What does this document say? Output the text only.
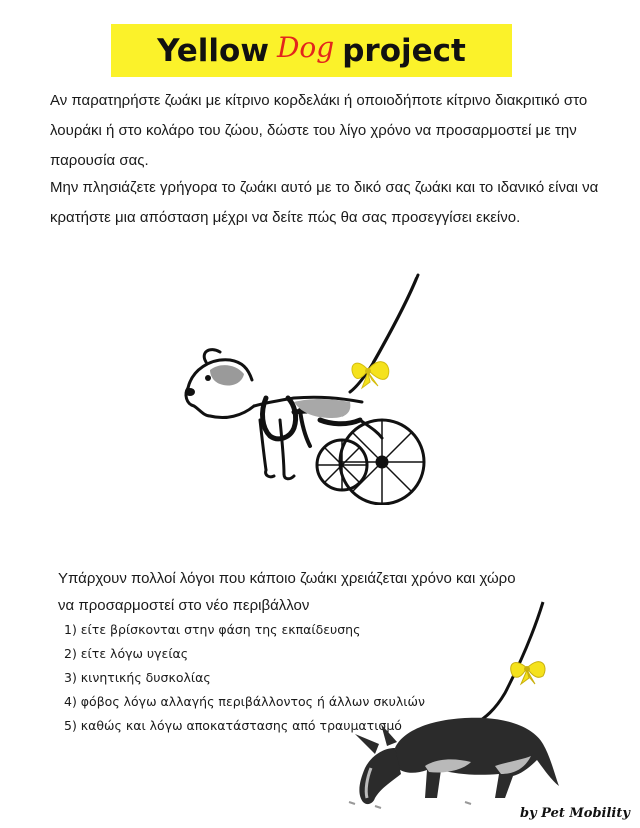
Yellow Dog project

Αν παρατηρήστε ζωάκι με κίτρινο κορδελάκι ή οποιοδήποτε κίτρινο διακριτικό στο λουράκι ή στο κολάρο του ζώου, δώστε του λίγο χρόνο να προσαρμοστεί με την παρουσία σας.

Μην πλησιάζετε γρήγορα το ζωάκι αυτό με το δικό σας ζωάκι και το ιδανικό είναι να κρατήστε μια απόσταση μέχρι να δείτε πώς θα σας προσεγγίσει εκείνο.

Υπάρχουν πολλοί λόγοι που κάποιο ζωάκι χρειάζεται χρόνο και χώρο
να προσαρμοστεί στο νέο περιβάλλον

1) είτε βρίσκονται στην φάση της εκπαίδευσης
2) είτε λόγω υγείας
3) κινητικής δυσκολίας
4) φόβος λόγω αλλαγής περιβάλλοντος ή άλλων σκυλιών
5) καθώς και λόγω αποκατάστασης από τραυματισμό
by Pet Mobility
